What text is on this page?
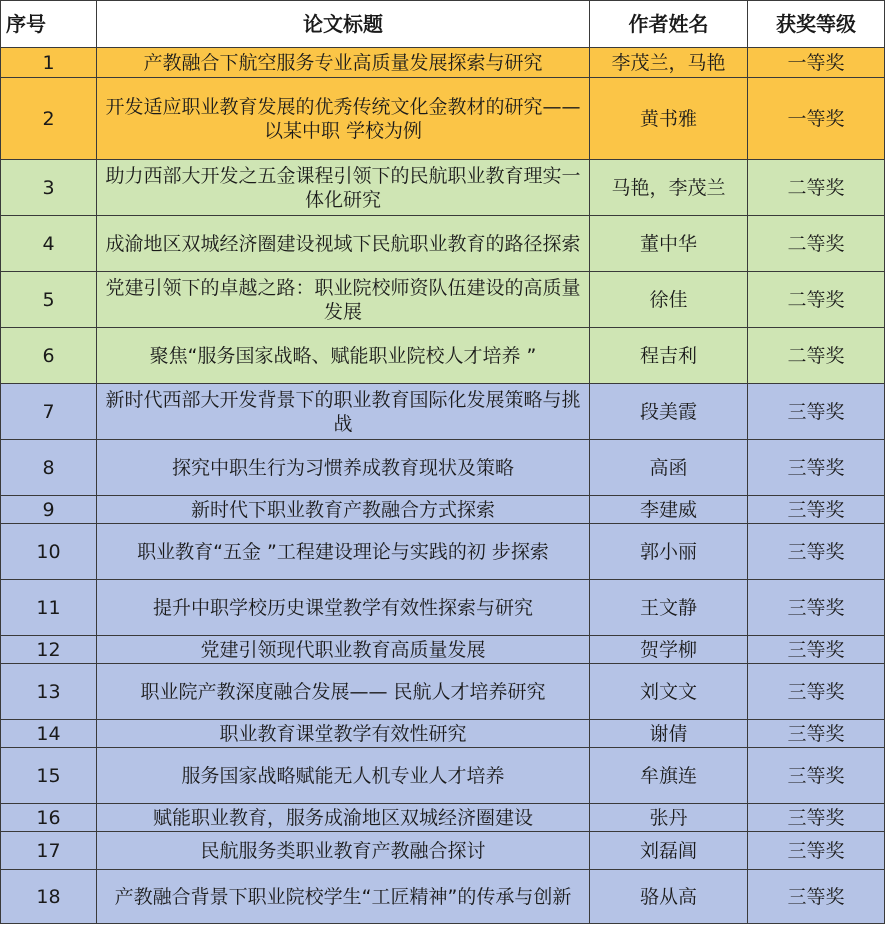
序号	论文标题	作者姓名	获奖等级
1	产教融合下航空服务专业高质量发展探索与研究	李茂兰，马艳	一等奖
2	开发适应职业教育发展的优秀传统文化金教材的研究—— 以某中职 学校为例	黄书雅	一等奖
3	助力西部大开发之五金课程引领下的民航职业教育理实一体化研究	马艳，李茂兰	二等奖
4	成渝地区双城经济圈建设视域下民航职业教育的路径探索	董中华	二等奖
5	党建引领下的卓越之路：职业院校师资队伍建设的高质量发展	徐佳	二等奖
6	聚焦“服务国家战略、赋能职业院校人才培养 ”	程吉利	二等奖
7	新时代西部大开发背景下的职业教育国际化发展策略与挑战	段美霞	三等奖
8	探究中职生行为习惯养成教育现状及策略	高函	三等奖
9	新时代下职业教育产教融合方式探索	李建威	三等奖
10	职业教育“五金 ”工程建设理论与实践的初 步探索	郭小丽	三等奖
11	提升中职学校历史课堂教学有效性探索与研究	王文静	三等奖
12	党建引领现代职业教育高质量发展	贺学柳	三等奖
13	职业院产教深度融合发展—— 民航人才培养研究	刘文文	三等奖
14	职业教育课堂教学有效性研究	谢倩	三等奖
15	服务国家战略赋能无人机专业人才培养	牟旗连	三等奖
16	赋能职业教育，服务成渝地区双城经济圈建设	张丹	三等奖
17	民航服务类职业教育产教融合探讨	刘磊阊	三等奖
18	产教融合背景下职业院校学生“工匠精神”的传承与创新	骆从高	三等奖
